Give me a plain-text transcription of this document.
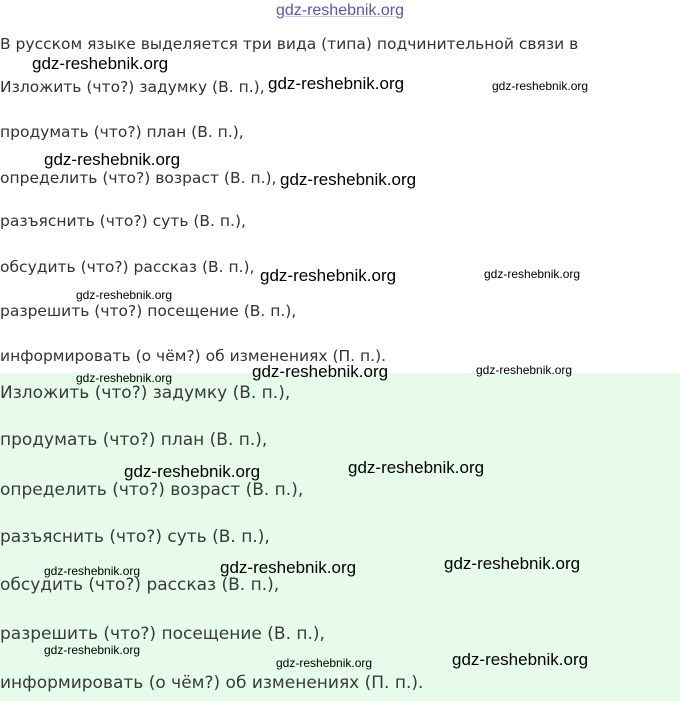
gdz-reshebnik.org
В русском языке выделяется три вида (типа) подчинительной связи в
Изложить (что?) задумку (В. п.),
продумать (что?) план (В. п.),
определить (что?) возраст (В. п.),
разъяснить (что?) суть (В. п.),
обсудить (что?) рассказ (В. п.),
разрешить (что?) посещение (В. п.),
информировать (о чём?) об изменениях (П. п.).
Изложить (что?) задумку (В. п.),
продумать (что?) план (В. п.),
определить (что?) возраст (В. п.),
разъяснить (что?) суть (В. п.),
обсудить (что?) рассказ (В. п.),
разрешить (что?) посещение (В. п.),
информировать (о чём?) об изменениях (П. п.).
gdz-reshebnik.org
gdz-reshebnik.org	gdz-reshebnik.org
gdz-reshebnik.org
gdz-reshebnik.org
gdz-reshebnik.org	gdz-reshebnik.org
gdz-reshebnik.org
gdz-reshebnik.org	gdz-reshebnik.org
gdz-reshebnik.org
gdz-reshebnik.org	gdz-reshebnik.org
gdz-reshebnik.org
gdz-reshebnik.org
gdz-reshebnik.org
gdz-reshebnik.org	gdz-reshebnik.org
gdz-reshebnik.org
